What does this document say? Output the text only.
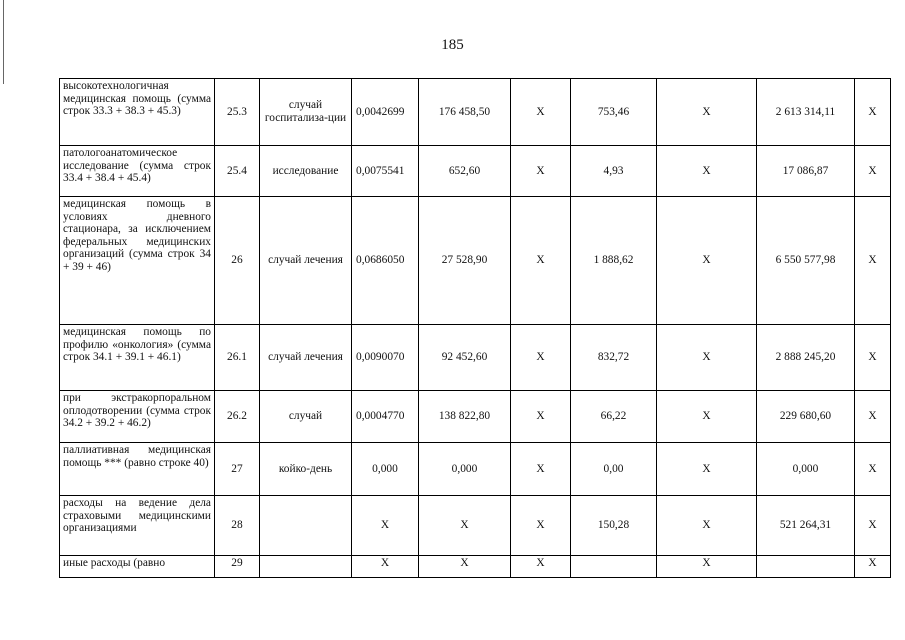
185
высокотехнологичная медицинская помощь (сумма строк 33.3 + 38.3 + 45.3)	25.3	случай госпитализа-ции	0,0042699	176 458,50	X	753,46	X	2 613 314,11	X
патологоанатомическое исследование (сумма строк 33.4 + 38.4 + 45.4)	25.4	исследование	0,0075541	652,60	X	4,93	X	17 086,87	X
медицинская помощь в условиях дневного стационара, за исключением федеральных медицинских организаций (сумма строк 34 + 39 + 46)	26	случай лечения	0,0686050	27 528,90	X	1 888,62	X	6 550 577,98	X
медицинская помощь по профилю «онкология» (сумма строк 34.1 + 39.1 + 46.1)	26.1	случай лечения	0,0090070	92 452,60	X	832,72	X	2 888 245,20	X
при экстракорпоральном оплодотворении (сумма строк 34.2 + 39.2 + 46.2)	26.2	случай	0,0004770	138 822,80	X	66,22	X	229 680,60	X
паллиативная медицинская помощь *** (равно строке 40)	27	койко-день	0,000	0,000	X	0,00	X	0,000	X
расходы на ведение дела страховыми медицинскими организациями	28		X	X	X	150,28	X	521 264,31	X
иные расходы (равно	29		X	X	X		X		X
